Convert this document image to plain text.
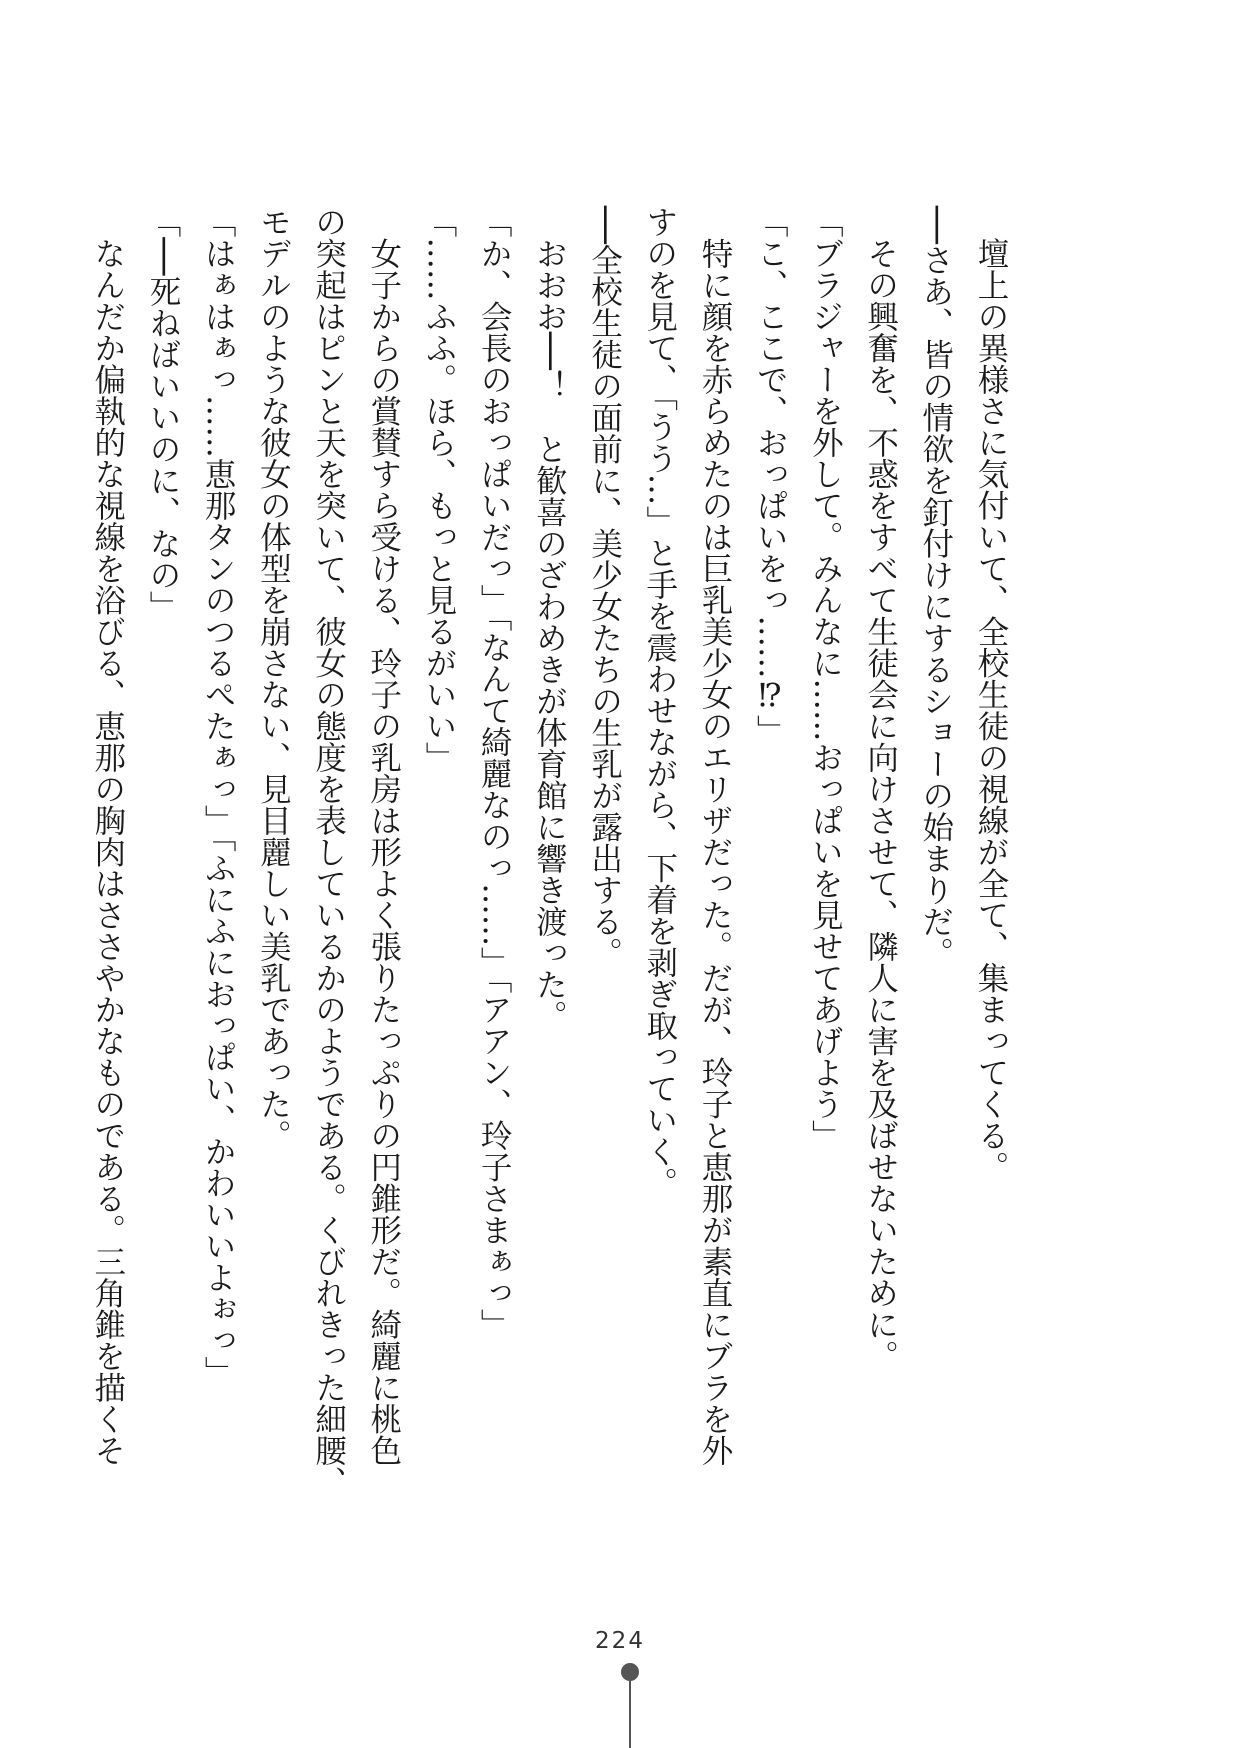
　壇上の異様さに気付いて、全校生徒の視線が全て、集まってくる。
──さあ、皆の情欲を釘付けにするショーの始まりだ。
　その興奮を、不惑をすべて生徒会に向けさせて、隣人に害を及ばせないために。
「ブラジャーを外して。みんなに……おっぱいを見せてあげよう」
「こ、ここで、おっぱいをっ……⁉」
　特に顔を赤らめたのは巨乳美少女のエリザだった。だが、玲子と恵那が素直にブラを外
すのを見て、「うう…」と手を震わせながら、下着を剥ぎ取っていく。
──全校生徒の面前に、美少女たちの生乳が露出する。
　おおお──！　と歓喜のざわめきが体育館に響き渡った。
「か、会長のおっぱいだっ」「なんて綺麗なのっ……」「アアン、玲子さまぁっ」
「……ふふ。ほら、もっと見るがいい」
　女子からの賞賛すら受ける、玲子の乳房は形よく張りたっぷりの円錐形だ。綺麗に桃色
の突起はピンと天を突いて、彼女の態度を表しているかのようである。くびれきった細腰、
モデルのような彼女の体型を崩さない、見目麗しい美乳であった。
「はぁはぁっ……恵那タンのつるぺたぁっ」「ふにふにおっぱい、かわいいよぉっ」
「──死ねばいいのに、なの」
　なんだか偏執的な視線を浴びる、恵那の胸肉はささやかなものである。三角錐を描くそ
224
